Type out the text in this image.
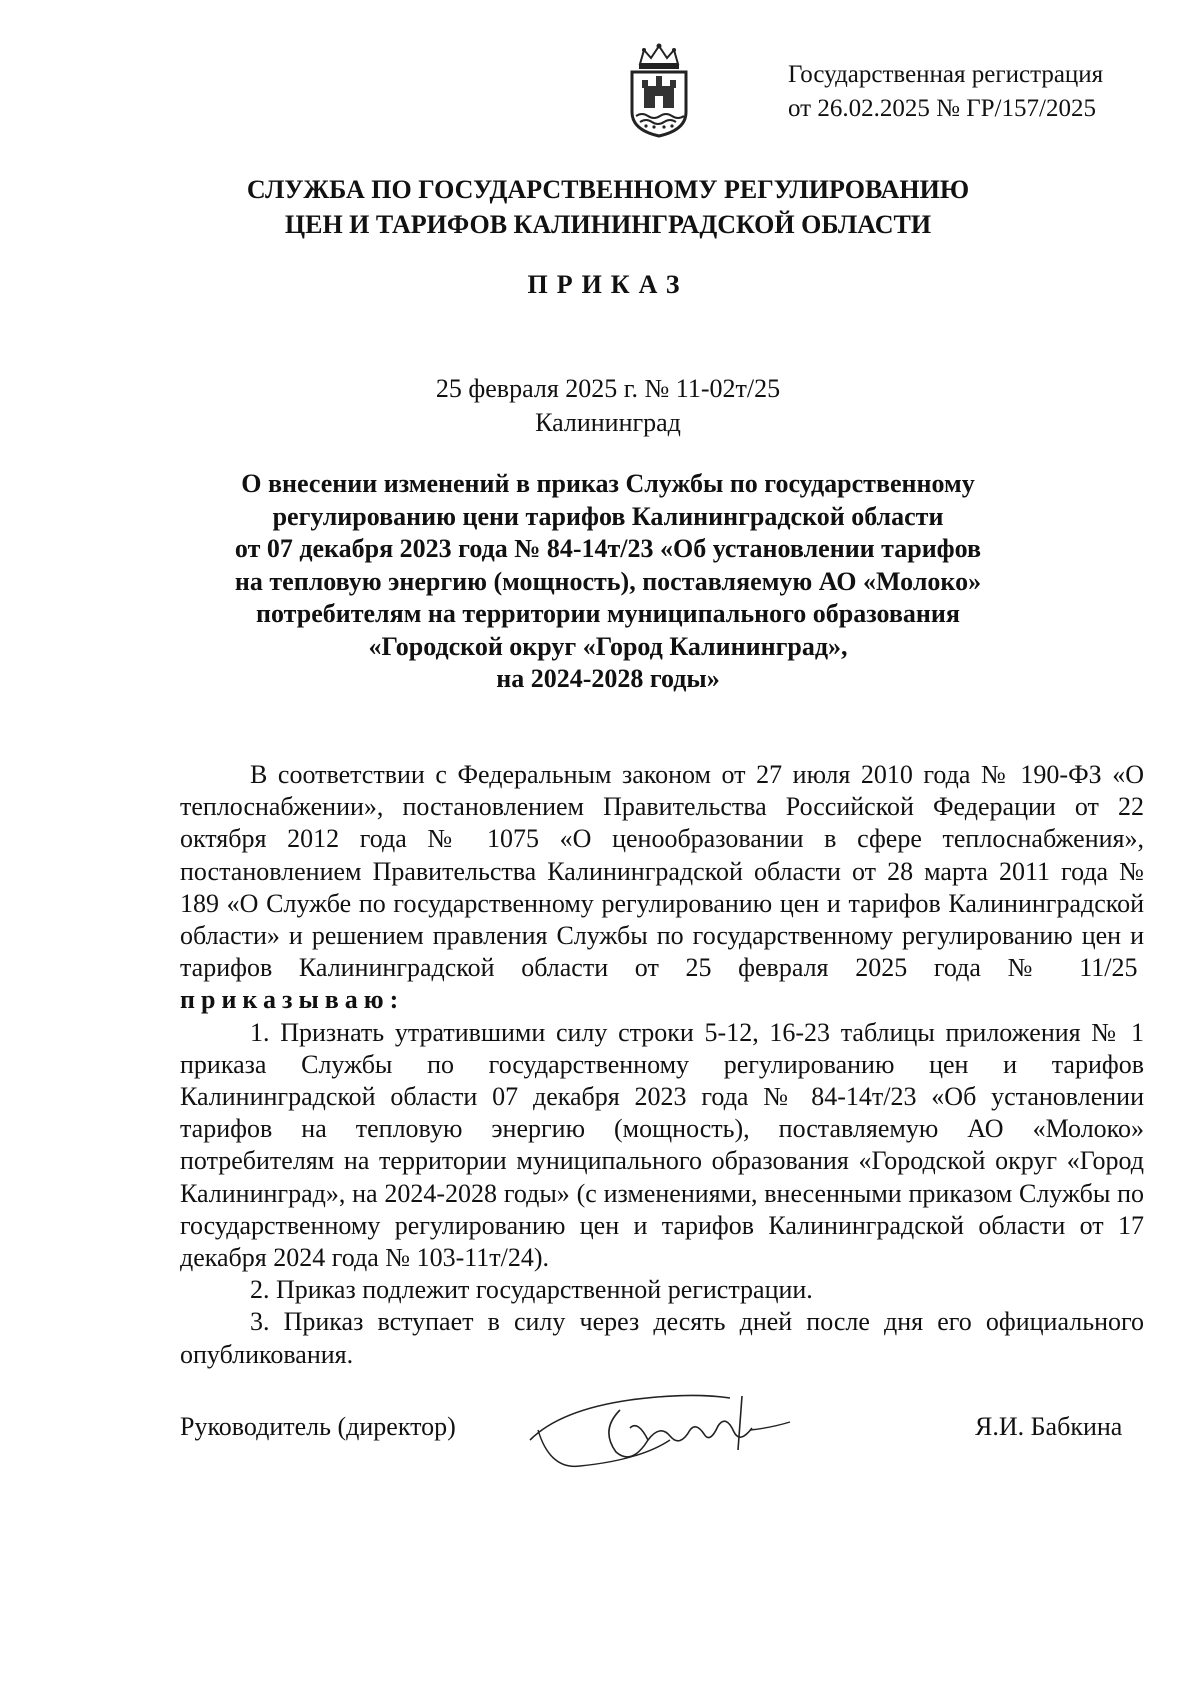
Государственная регистрация
от 26.02.2025 № ГР/157/2025
СЛУЖБА ПО ГОСУДАРСТВЕННОМУ РЕГУЛИРОВАНИЮ
ЦЕН И ТАРИФОВ КАЛИНИНГРАДСКОЙ ОБЛАСТИ
ПРИКАЗ
25 февраля 2025 г. № 11-02т/25
Калининград
О внесении изменений в приказ Службы по государственному
регулированию цени тарифов Калининградской области
от 07 декабря 2023 года № 84-14т/23 «Об установлении тарифов
на тепловую энергию (мощность), поставляемую АО «Молоко»
потребителям на территории муниципального образования
«Городской округ «Город Калининград»,
на 2024-2028 годы»

В соответствии с Федеральным законом от 27 июля 2010 года № 190-ФЗ «О теплоснабжении», постановлением Правительства Российской Федерации от 22 октября 2012 года № 1075 «О ценообразовании в сфере теплоснабжения», постановлением Правительства Калининградской области от 28 марта 2011 года № 189 «О Службе по государственному регулированию цен и тарифов Калининградской области» и решением правления Службы по государственному регулированию цен и тарифов Калининградской области от 25 февраля 2025 года № 11/25  приказываю:

1. Признать утратившими силу строки 5-12, 16-23 таблицы приложения № 1 приказа Службы по государственному регулированию цен и тарифов Калининградской области 07 декабря 2023 года № 84-14т/23 «Об установлении тарифов на тепловую энергию (мощность), поставляемую АО «Молоко» потребителям на территории муниципального образования «Городской округ «Город Калининград», на 2024-2028 годы» (с изменениями, внесенными приказом Службы по государственному регулированию цен и тарифов Калининградской области от 17 декабря 2024 года № 103-11т/24).

2. Приказ подлежит государственной регистрации.

3. Приказ вступает в силу через десять дней после дня его официального опубликования.

Руководитель (директор)	Я.И. Бабкина
